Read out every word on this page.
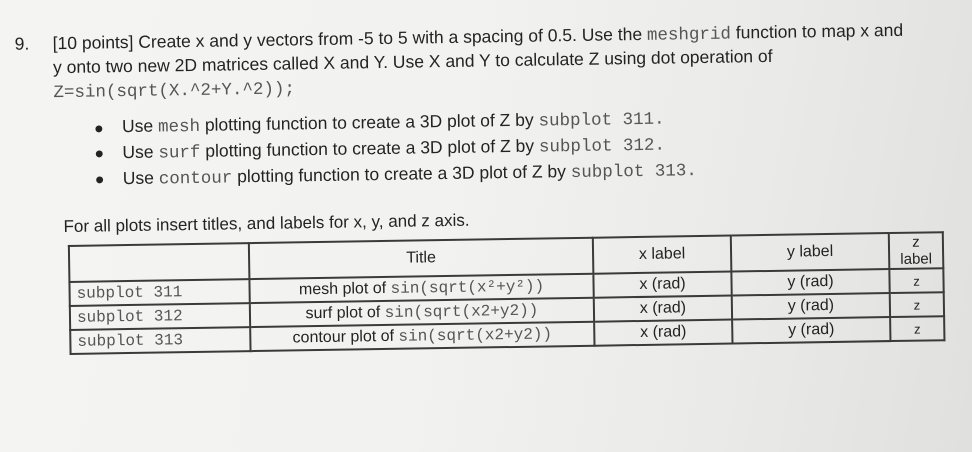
9. [10 points] Create x and y vectors from -5 to 5 with a spacing of 0.5. Use the meshgrid function to map x and
y onto two new 2D matrices called X and Y. Use X and Y to calculate Z using dot operation of
Z=sin(sqrt(X.^2+Y.^2));
● Use mesh plotting function to create a 3D plot of Z by subplot 311.
● Use surf plotting function to create a 3D plot of Z by subplot 312.
● Use contour plotting function to create a 3D plot of Z by subplot 313.
For all plots insert titles, and labels for x, y, and z axis.
	Title	x label	y label	z label
subplot 311	mesh plot of sin(sqrt(x²+y²))	x (rad)	y (rad)	z
subplot 312	surf plot of sin(sqrt(x2+y2))	x (rad)	y (rad)	z
subplot 313	contour plot of sin(sqrt(x2+y2))	x (rad)	y (rad)	z
